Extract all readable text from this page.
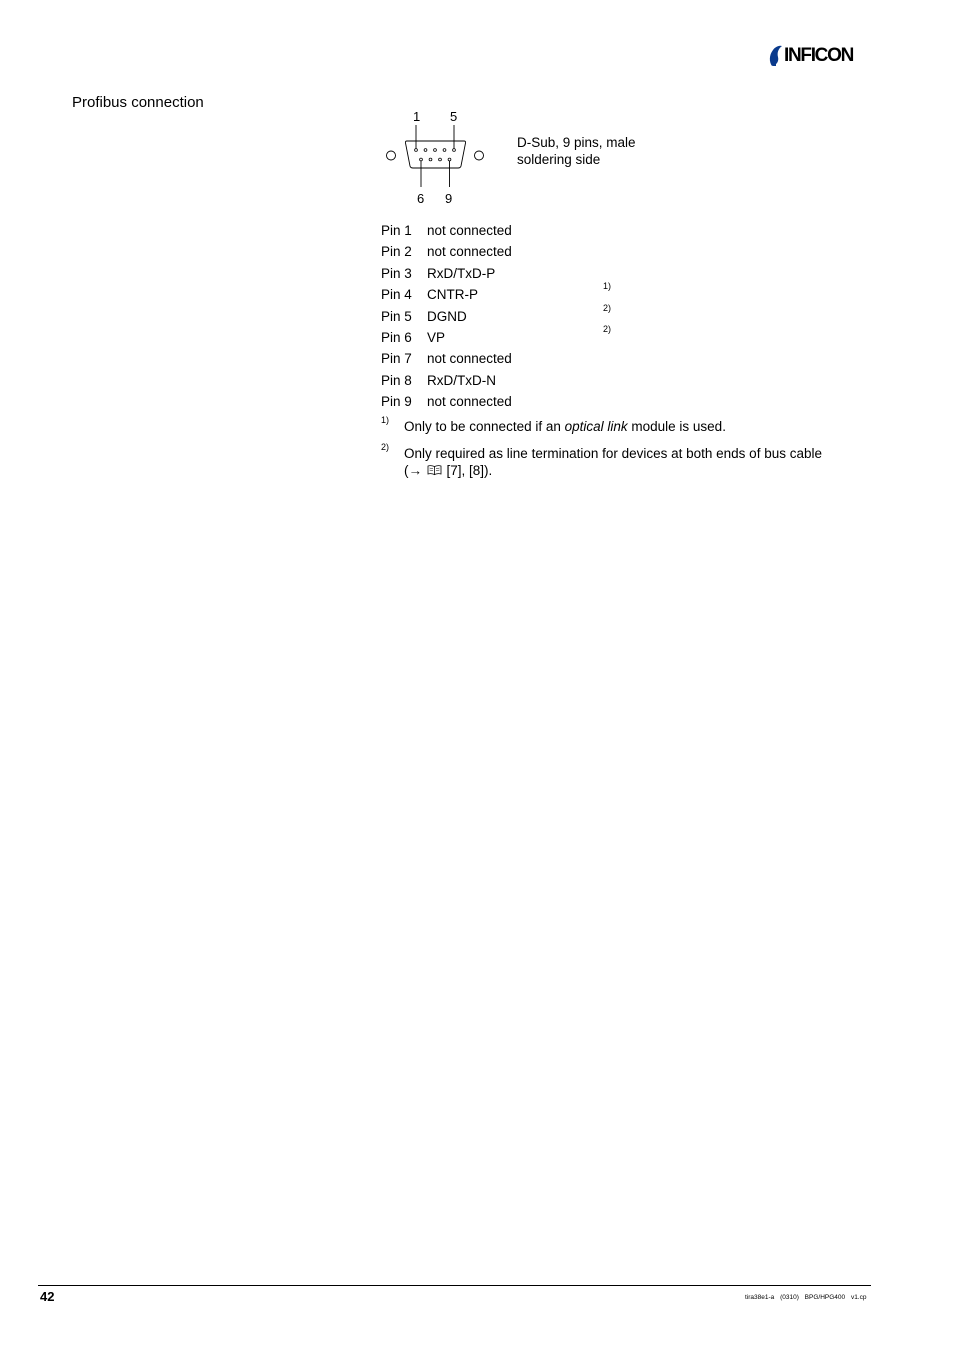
INFICON
Profibus connection
1 5
6 9
D-Sub, 9 pins, male
soldering side
Pin 1 not connected
Pin 2 not connected
Pin 3 RxD/TxD-P
Pin 4 CNTR-P
1)
Pin 5 DGND
2)
Pin 6 VP
2)
Pin 7 not connected
Pin 8 RxD/TxD-N
Pin 9 not connected
1) Only to be connected if an optical link module is used.
2) Only required as line termination for devices at both ends of bus cable
(→ [7], [8]).
42	tira38e1-a (0310) BPG/HPG400 v1.cp
